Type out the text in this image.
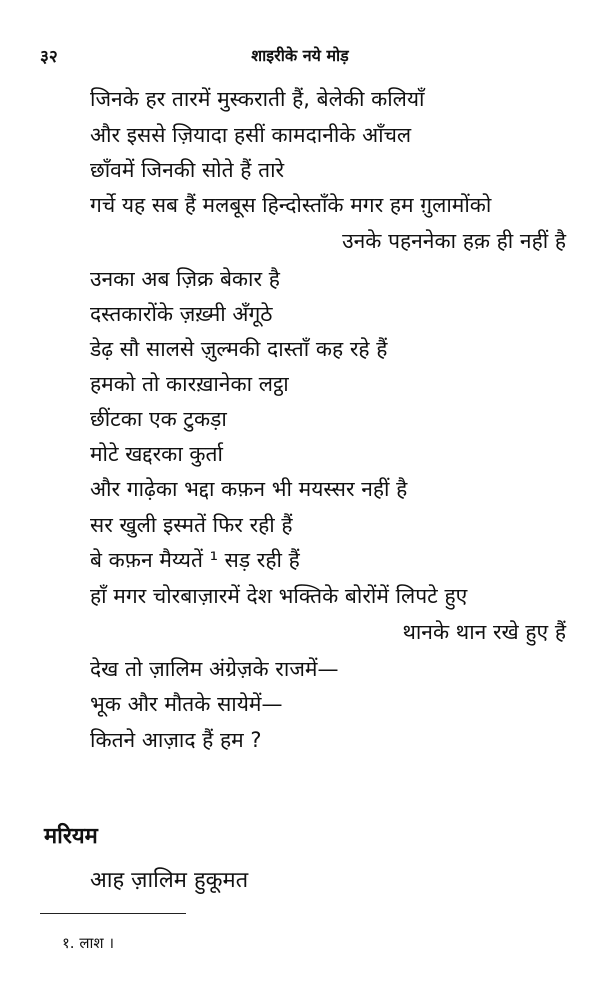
३२	शाइरीके नये मोड़
जिनके हर तारमें मुस्कराती हैं, बेलेकी कलियाँ
और इससे ज़ियादा हसीं कामदानीके आँचल
छाँवमें जिनकी सोते हैं तारे
गर्चे यह सब हैं मलबूस हिन्दोस्ताँके मगर हम ग़ुलामोंको
उनके पहननेका हक़ ही नहीं है
उनका अब ज़िक्र बेकार है
दस्तकारोंके ज़ख़्मी अँगूठे
डेढ़ सौ सालसे ज़ुल्मकी दास्ताँ कह रहे हैं
हमको तो कारख़ानेका लट्ठा
छींटका एक टुकड़ा
मोटे खद्दरका कुर्ता
और गाढ़ेका भद्दा कफ़न भी मयस्सर नहीं है
सर खुली इस्मतें फिर रही हैं
बे कफ़न मैय्यतें ¹ सड़ रही हैं
हाँ मगर चोरबाज़ारमें देश भक्तिके बोरोंमें लिपटे हुए
थानके थान रखे हुए हैं
देख तो ज़ालिम अंग्रेज़के राजमें—
भूक और मौतके सायेमें—
कितने आज़ाद हैं हम ?
मरियम
आह ज़ालिम हुकूमत
१. लाश ।
